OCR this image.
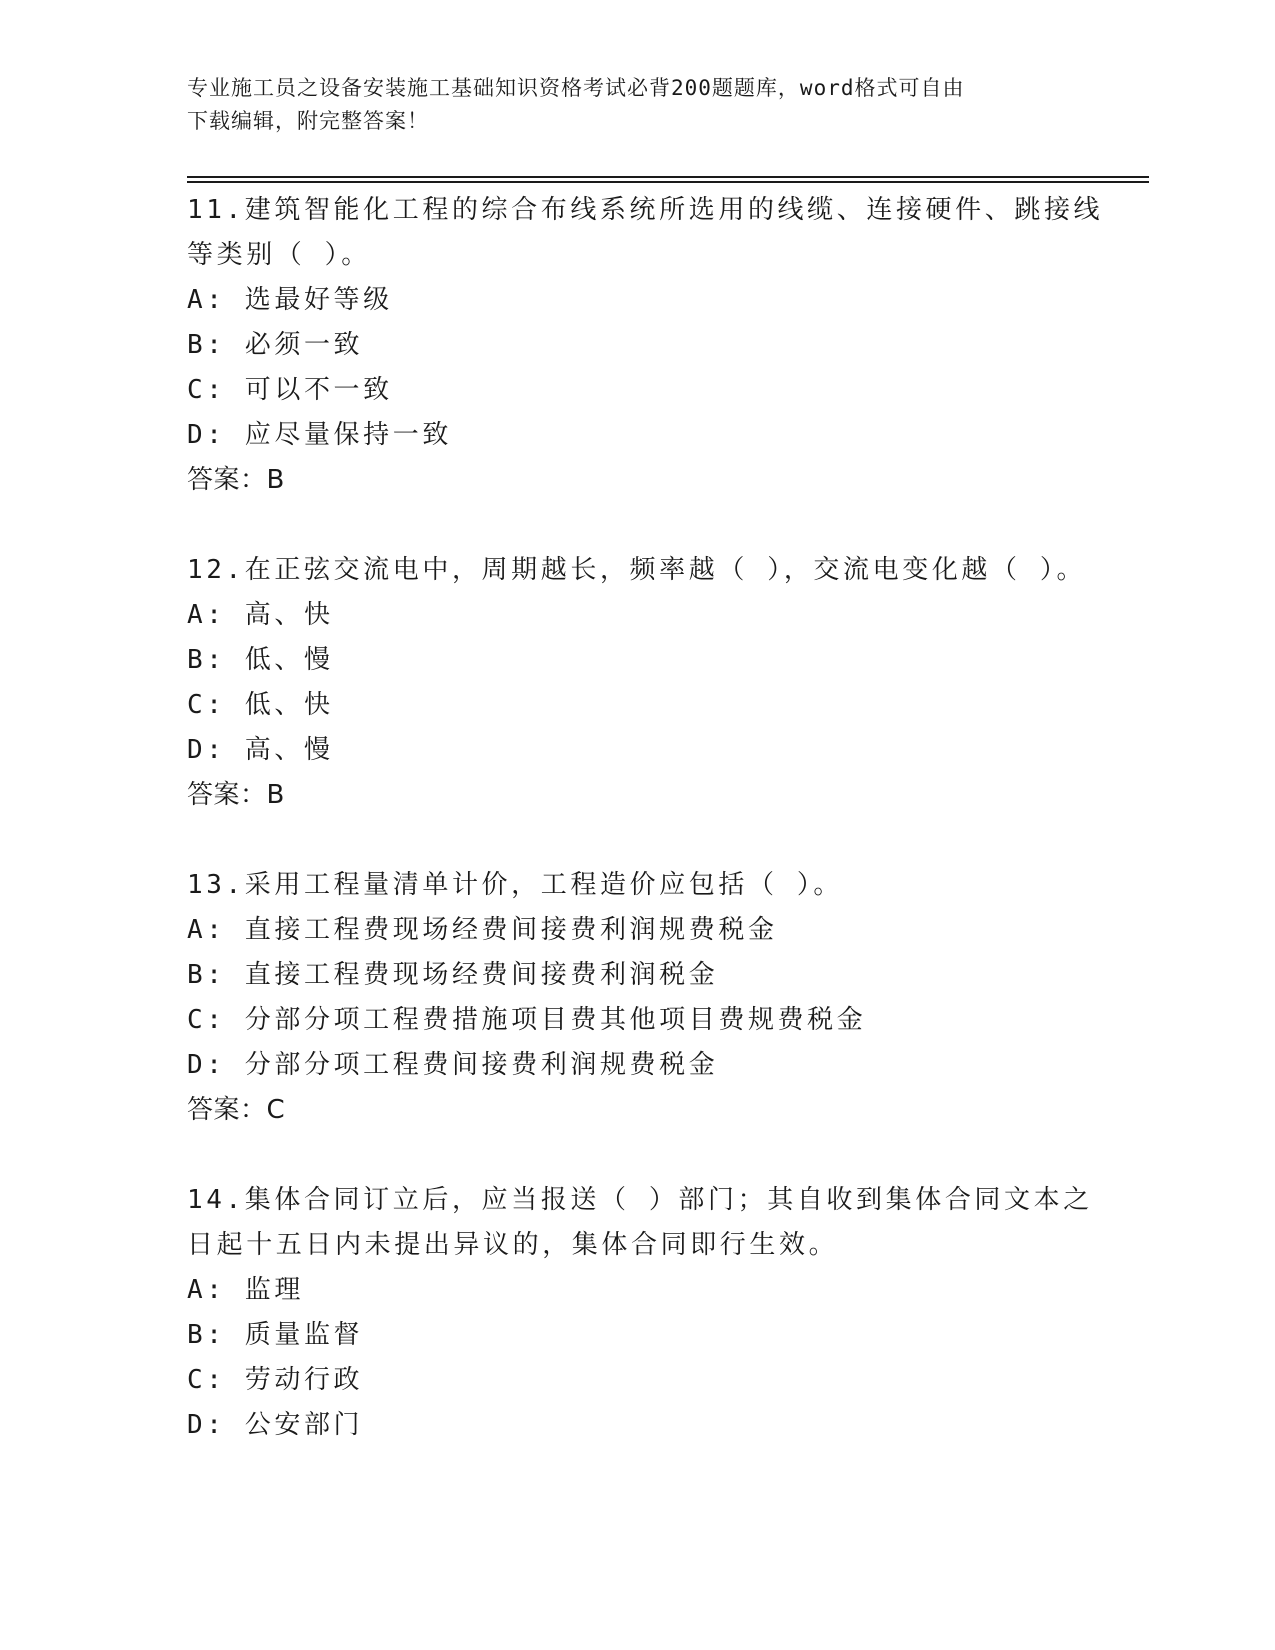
专业施工员之设备安装施工基础知识资格考试必背200题题库，word格式可自由
下载编辑，附完整答案！
11.建筑智能化工程的综合布线系统所选用的线缆、连接硬件、跳接线
等类别（ ）。
A: 选最好等级
B: 必须一致
C: 可以不一致
D: 应尽量保持一致
答案：B
12.在正弦交流电中，周期越长，频率越（ ），交流电变化越（ ）。
A: 高、快
B: 低、慢
C: 低、快
D: 高、慢
答案：B
13.采用工程量清单计价，工程造价应包括（ ）。
A: 直接工程费现场经费间接费利润规费税金
B: 直接工程费现场经费间接费利润税金
C: 分部分项工程费措施项目费其他项目费规费税金
D: 分部分项工程费间接费利润规费税金
答案：C
14.集体合同订立后，应当报送（ ）部门；其自收到集体合同文本之
日起十五日内未提出异议的，集体合同即行生效。
A: 监理
B: 质量监督
C: 劳动行政
D: 公安部门
